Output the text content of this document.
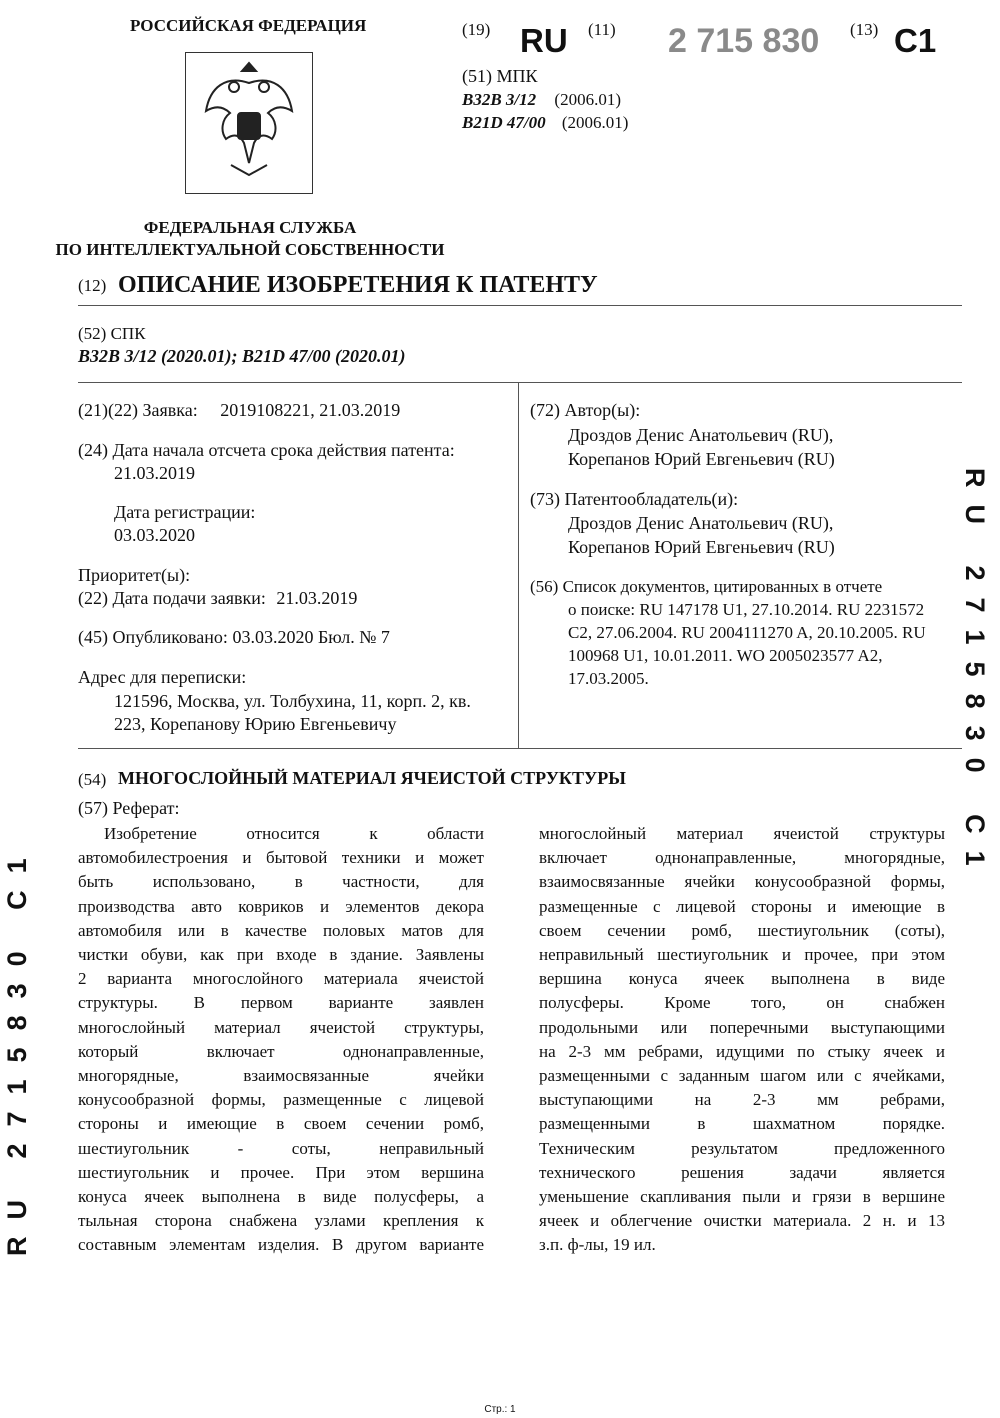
РОССИЙСКАЯ ФЕДЕРАЦИЯ
ФЕДЕРАЛЬНАЯ СЛУЖБА
ПО ИНТЕЛЛЕКТУАЛЬНОЙ СОБСТВЕННОСТИ
(19) RU (11) 2 715 830 (13) C1
(51) МПК
B32B 3/12 (2006.01)
B21D 47/00 (2006.01)
(12) ОПИСАНИЕ ИЗОБРЕТЕНИЯ К ПАТЕНТУ
(52) СПК
B32B 3/12 (2020.01); B21D 47/00 (2020.01)
(21)(22) Заявка: 2019108221, 21.03.2019
(24) Дата начала отсчета срока действия патента:
21.03.2019
Дата регистрации:
03.03.2020
Приоритет(ы):
(22) Дата подачи заявки: 21.03.2019
(45) Опубликовано: 03.03.2020 Бюл. № 7
Адрес для переписки:
121596, Москва, ул. Толбухина, 11, корп. 2, кв.
223, Корепанову Юрию Евгеньевичу
(72) Автор(ы):
Дроздов Денис Анатольевич (RU),
Корепанов Юрий Евгеньевич (RU)
(73) Патентообладатель(и):
Дроздов Денис Анатольевич (RU),
Корепанов Юрий Евгеньевич (RU)
(56) Список документов, цитированных в отчете
о поиске: RU 147178 U1, 27.10.2014. RU 2231572
C2, 27.06.2004. RU 2004111270 A, 20.10.2005. RU
100968 U1, 10.01.2011. WO 2005023577 A2,
17.03.2005.
(54) МНОГОСЛОЙНЫЙ МАТЕРИАЛ ЯЧЕИСТОЙ СТРУКТУРЫ
(57) Реферат:
Изобретение относится к области
автомобилестроения и бытовой техники и может
быть использовано, в частности, для
производства авто ковриков и элементов декора
автомобиля или в качестве половых матов для
чистки обуви, как при входе в здание. Заявлены
2 варианта многослойного материала ячеистой
структуры. В первом варианте заявлен
многослойный материал ячеистой структуры,
который включает однонаправленные,
многорядные, взаимосвязанные ячейки
конусообразной формы, размещенные с лицевой
стороны и имеющие в своем сечении ромб,
шестиугольник - соты, неправильный
шестиугольник и прочее. При этом вершина
конуса ячеек выполнена в виде полусферы, а
тыльная сторона снабжена узлами крепления к
составным элементам изделия. В другом варианте
многослойный материал ячеистой структуры
включает однонаправленные, многорядные,
взаимосвязанные ячейки конусообразной формы,
размещенные с лицевой стороны и имеющие в
своем сечении ромб, шестиугольник (соты),
неправильный шестиугольник и прочее, при этом
вершина конуса ячеек выполнена в виде
полусферы. Кроме того, он снабжен
продольными или поперечными выступающими
на 2-3 мм ребрами, идущими по стыку ячеек и
размещенными с заданным шагом или с ячейками,
выступающими на 2-3 мм ребрами,
размещенными в шахматном порядке.
Техническим результатом предложенного
технического решения задачи является
уменьшение скапливания пыли и грязи в вершине
ячеек и облегчение очистки материала. 2 н. и 13
з.п. ф-лы, 19 ил.
RU 2715830 C1
RU 2715830 C1
Стр.: 1
